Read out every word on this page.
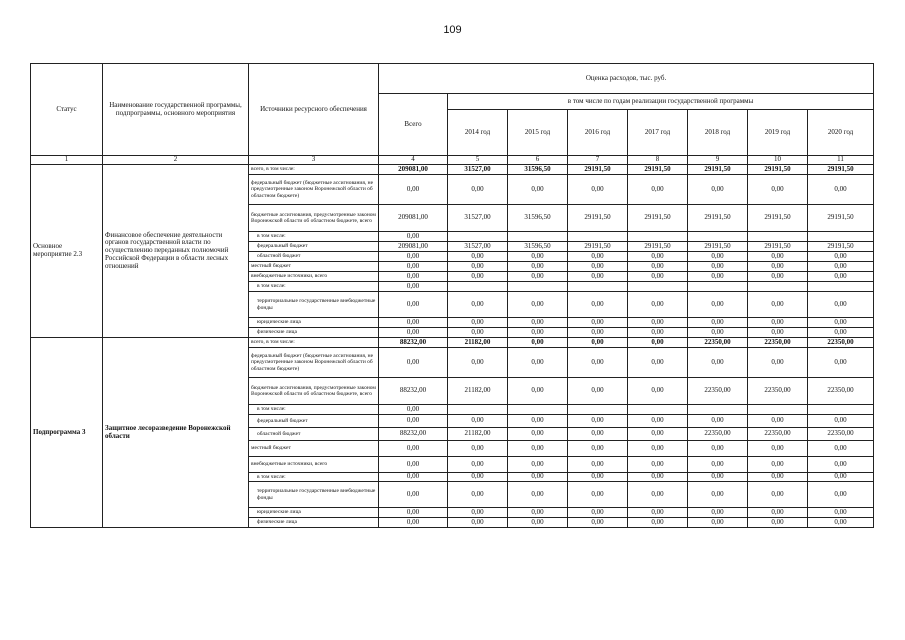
109
Статус	Наименование государственной программы, подпрограммы, основного мероприятия	Источники ресурсного обеспечения	Оценка расходов, тыс. руб.							
			Всего	в том числе по годам реализации государственной программы						
				2014 год	2015 год	2016 год	2017 год	2018 год	2019 год	2020 год
1	2	3	4	5	6	7	8	9	10	11
Основное мероприятие 2.3	Финансовое обеспечение деятельности органов государственной власти по осуществлению переданных полномочий Российской Федерации в области лесных отношений	всего, в том числе:	209081,00	31527,00	31596,50	29191,50	29191,50	29191,50	29191,50	29191,50
		федеральный бюджет (бюджетные ассигнования, не предусмотренные законом Воронежской области об областном бюджете)	0,00	0,00	0,00	0,00	0,00	0,00	0,00	0,00
		бюджетные ассигнования, предусмотренные законом Воронежской области об областном бюджете, всего	209081,00	31527,00	31596,50	29191,50	29191,50	29191,50	29191,50	29191,50
		в том числе:	0,00							
		федеральный бюджет	209081,00	31527,00	31596,50	29191,50	29191,50	29191,50	29191,50	29191,50
		областной бюджет	0,00	0,00	0,00	0,00	0,00	0,00	0,00	0,00
		местный бюджет	0,00	0,00	0,00	0,00	0,00	0,00	0,00	0,00
		внебюджетные источники, всего	0,00	0,00	0,00	0,00	0,00	0,00	0,00	0,00
		в том числе:	0,00							
		территориальные государственные внебюджетные фонды	0,00	0,00	0,00	0,00	0,00	0,00	0,00	0,00
		юридические лица	0,00	0,00	0,00	0,00	0,00	0,00	0,00	0,00
		физические лица	0,00	0,00	0,00	0,00	0,00	0,00	0,00	0,00
Подпрограмма 3	Защитное лесоразведение Воронежской области	всего, в том числе:	88232,00	21182,00	0,00	0,00	0,00	22350,00	22350,00	22350,00
		федеральный бюджет (бюджетные ассигнования, не предусмотренные законом Воронежской области об областном бюджете)	0,00	0,00	0,00	0,00	0,00	0,00	0,00	0,00
		бюджетные ассигнования, предусмотренные законом Воронежской области об областном бюджете, всего	88232,00	21182,00	0,00	0,00	0,00	22350,00	22350,00	22350,00
		в том числе:	0,00							
		федеральный бюджет	0,00	0,00	0,00	0,00	0,00	0,00	0,00	0,00
		областной бюджет	88232,00	21182,00	0,00	0,00	0,00	22350,00	22350,00	22350,00
		местный бюджет	0,00	0,00	0,00	0,00	0,00	0,00	0,00	0,00
		внебюджетные источники, всего	0,00	0,00	0,00	0,00	0,00	0,00	0,00	0,00
		в том числе:	0,00	0,00	0,00	0,00	0,00	0,00	0,00	0,00
		территориальные государственные внебюджетные фонды	0,00	0,00	0,00	0,00	0,00	0,00	0,00	0,00
		юридические лица	0,00	0,00	0,00	0,00	0,00	0,00	0,00	0,00
		физические лица	0,00	0,00	0,00	0,00	0,00	0,00	0,00	0,00
